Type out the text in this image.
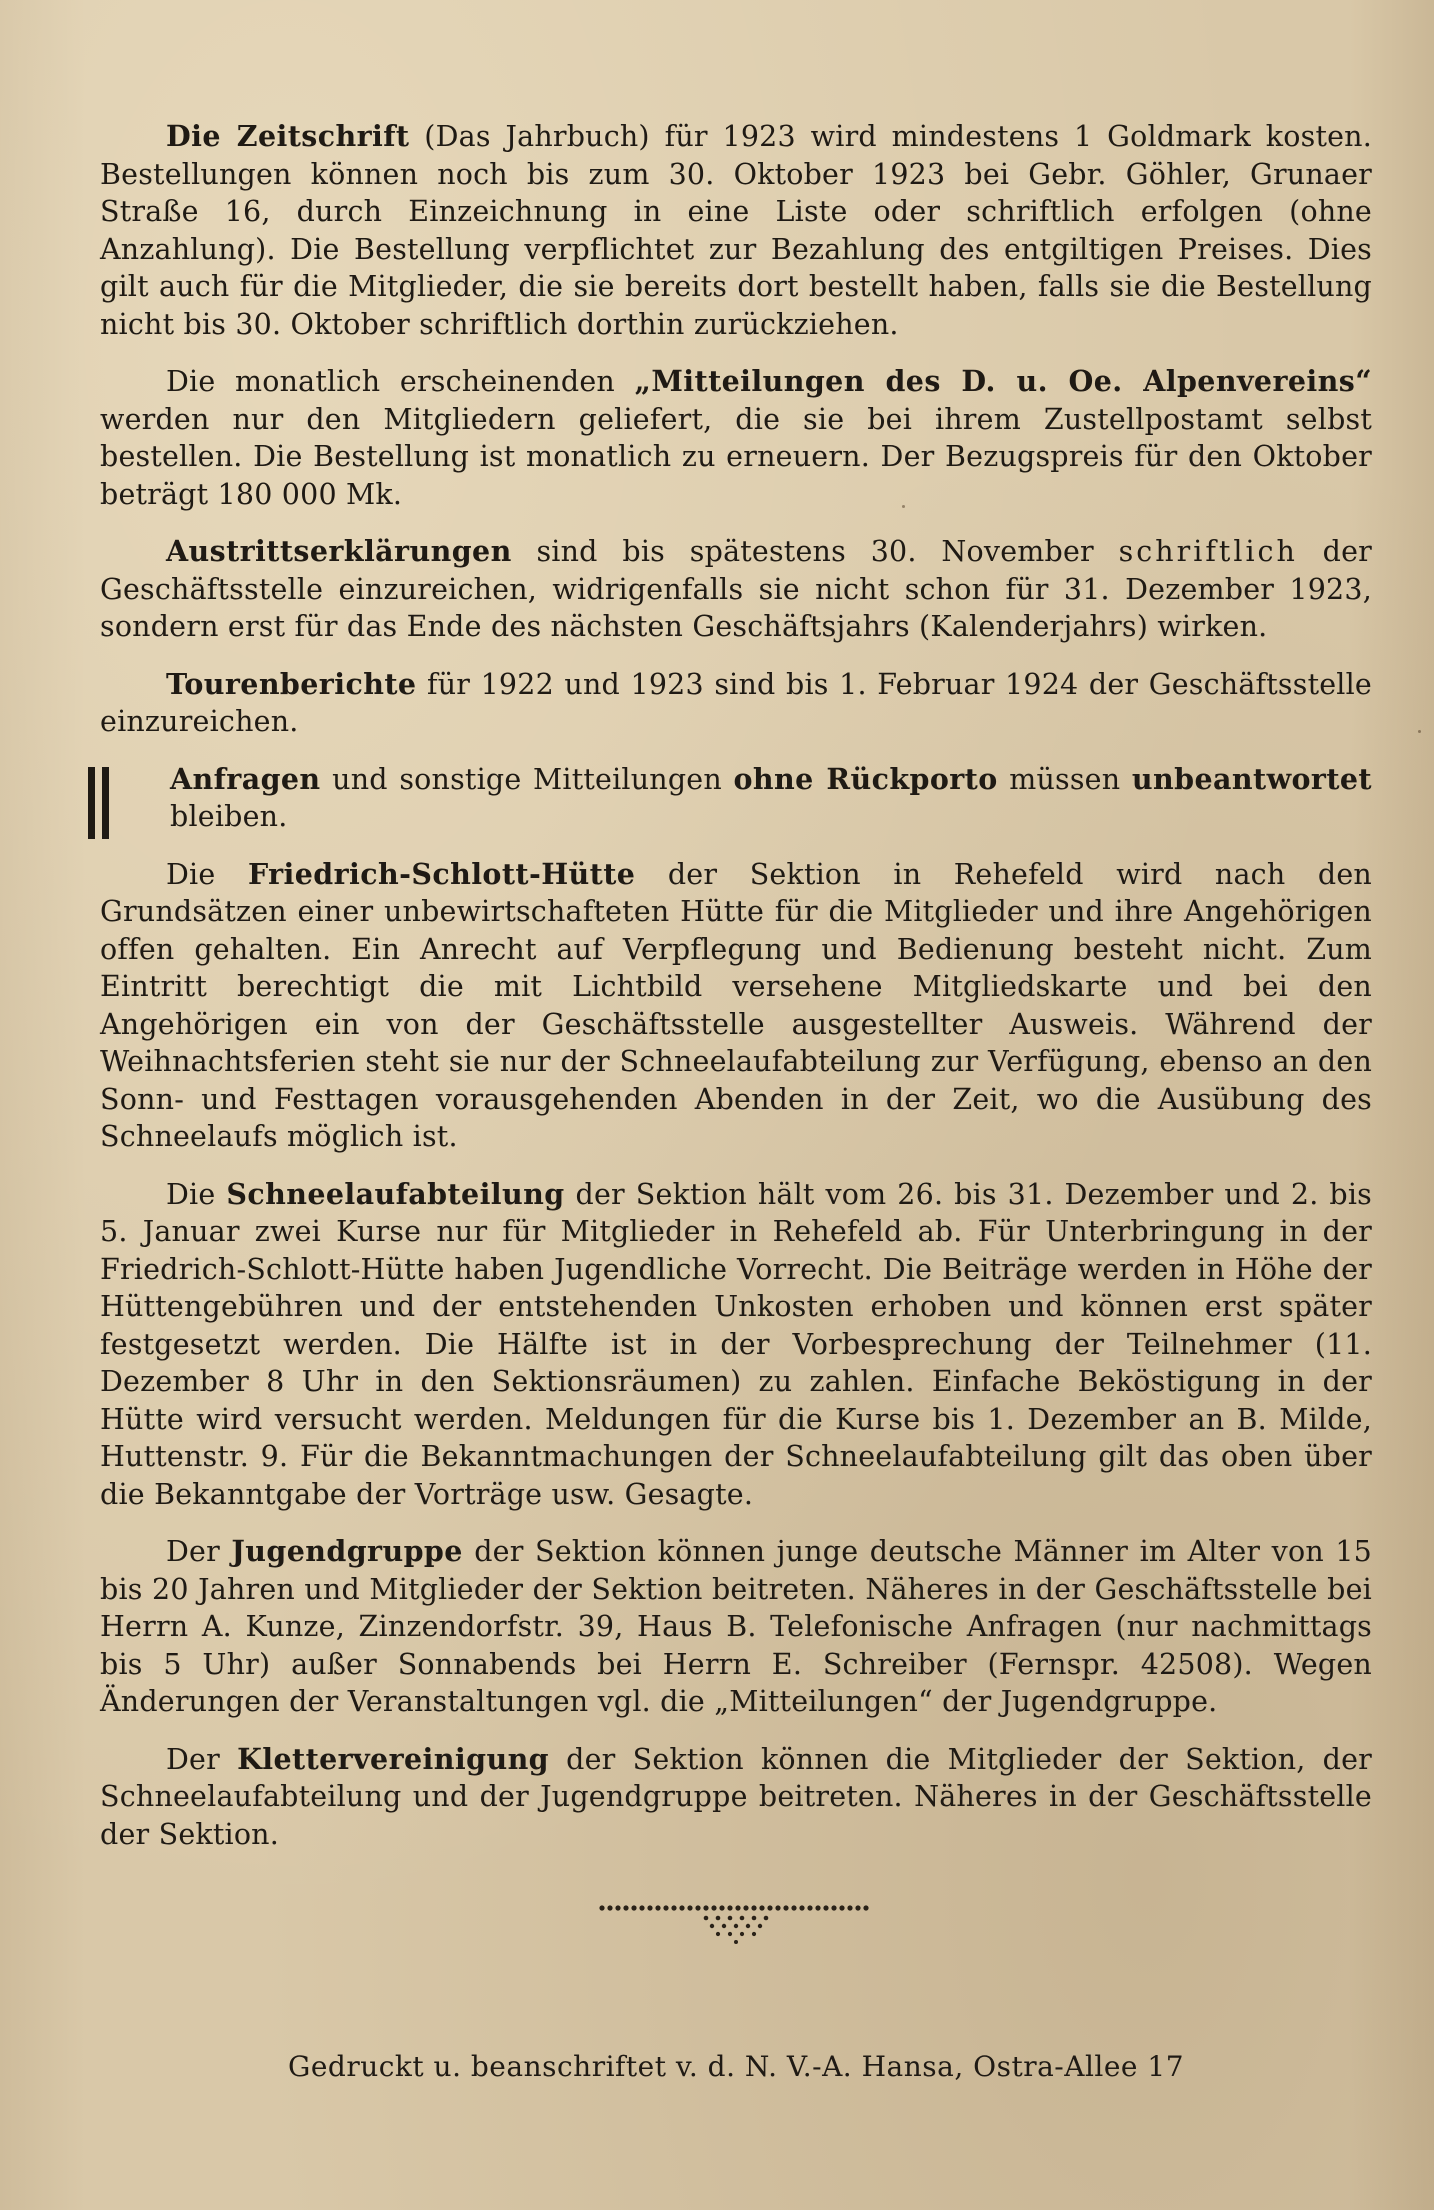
Die Zeitschrift (Das Jahrbuch) für 1923 wird mindestens 1 Goldmark kosten. Bestellungen können noch bis zum 30. Oktober 1923 bei Gebr. Göhler, Grunaer Straße 16, durch Einzeichnung in eine Liste oder schriftlich erfolgen (ohne Anzahlung). Die Bestellung verpflichtet zur Bezahlung des entgiltigen Preises. Dies gilt auch für die Mitglieder, die sie bereits dort bestellt haben, falls sie die Bestellung nicht bis 30. Oktober schriftlich dorthin zurückziehen.

Die monatlich erscheinenden „Mitteilungen des D. u. Oe. Alpenvereins“ werden nur den Mitgliedern geliefert, die sie bei ihrem Zustellpostamt selbst bestellen. Die Bestellung ist monatlich zu erneuern. Der Bezugspreis für den Oktober beträgt 180 000 Mk.

Austrittserklärungen sind bis spätestens 30. November schriftlich der Geschäftsstelle einzureichen, widrigenfalls sie nicht schon für 31. Dezember 1923, sondern erst für das Ende des nächsten Geschäftsjahrs (Kalenderjahrs) wirken.

Tourenberichte für 1922 und 1923 sind bis 1. Februar 1924 der Geschäftsstelle einzureichen.

Anfragen und sonstige Mitteilungen ohne Rückporto müssen unbeantwortet bleiben.

Die Friedrich-Schlott-Hütte der Sektion in Rehefeld wird nach den Grundsätzen einer unbewirtschafteten Hütte für die Mitglieder und ihre Angehörigen offen gehalten. Ein Anrecht auf Verpflegung und Bedienung besteht nicht. Zum Eintritt berechtigt die mit Lichtbild versehene Mitgliedskarte und bei den Angehörigen ein von der Geschäftsstelle ausgestellter Ausweis. Während der Weihnachtsferien steht sie nur der Schneelaufabteilung zur Verfügung, ebenso an den Sonn- und Festtagen vorausgehenden Abenden in der Zeit, wo die Ausübung des Schneelaufs möglich ist.

Die Schneelaufabteilung der Sektion hält vom 26. bis 31. Dezember und 2. bis 5. Januar zwei Kurse nur für Mitglieder in Rehefeld ab. Für Unterbringung in der Friedrich-Schlott-Hütte haben Jugendliche Vorrecht. Die Beiträge werden in Höhe der Hüttengebühren und der entstehenden Unkosten erhoben und können erst später festgesetzt werden. Die Hälfte ist in der Vorbesprechung der Teilnehmer (11. Dezember 8 Uhr in den Sektionsräumen) zu zahlen. Einfache Beköstigung in der Hütte wird versucht werden. Meldungen für die Kurse bis 1. Dezember an B. Milde, Huttenstr. 9. Für die Bekanntmachungen der Schneelaufabteilung gilt das oben über die Bekanntgabe der Vorträge usw. Gesagte.

Der Jugendgruppe der Sektion können junge deutsche Männer im Alter von 15 bis 20 Jahren und Mitglieder der Sektion beitreten. Näheres in der Geschäftsstelle bei Herrn A. Kunze, Zinzendorfstr. 39, Haus B. Telefonische Anfragen (nur nachmittags bis 5 Uhr) außer Sonnabends bei Herrn E. Schreiber (Fernspr. 42508). Wegen Änderungen der Veranstaltungen vgl. die „Mitteilungen“ der Jugendgruppe.

Der Klettervereinigung der Sektion können die Mitglieder der Sektion, der Schneelaufabteilung und der Jugendgruppe beitreten. Näheres in der Geschäftsstelle der Sektion.

Gedruckt u. beanschriftet v. d. N. V.-A. Hansa, Ostra-Allee 17
